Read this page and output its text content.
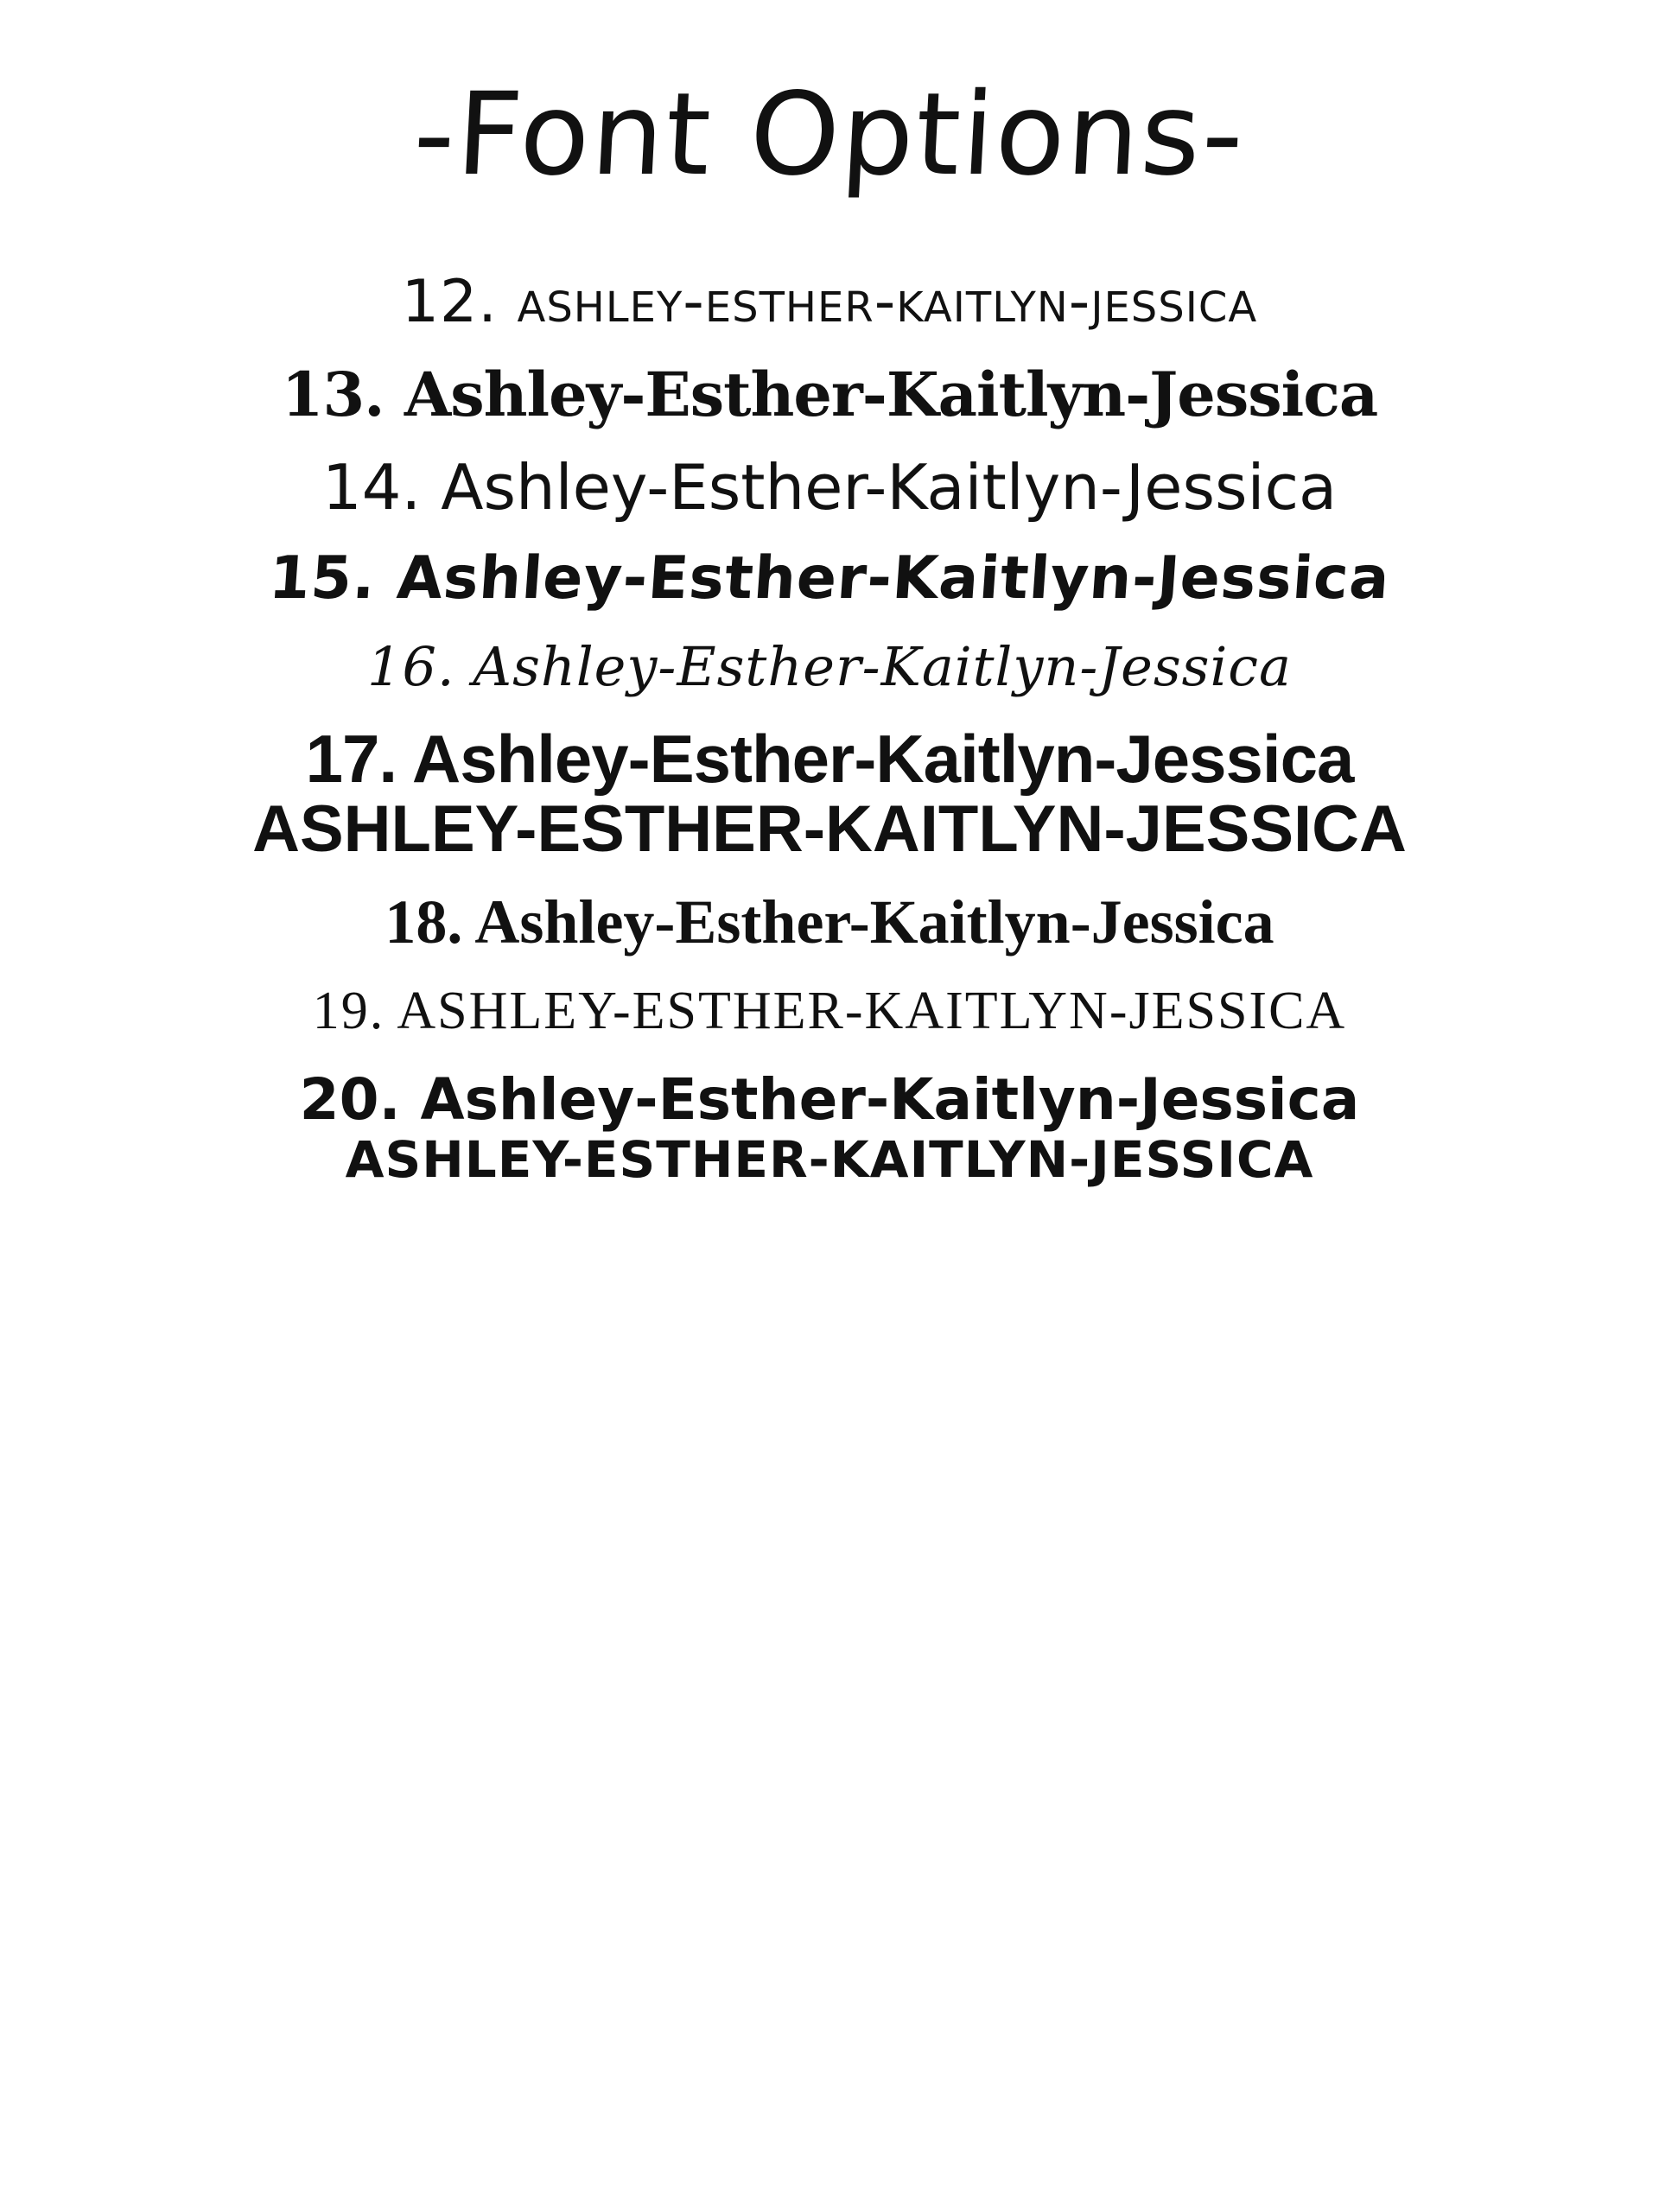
-Font Options-
12. ashley-esther-kaitlyn-jessica
13. Ashley-Esther-Kaitlyn-Jessica
14. Ashley-Esther-Kaitlyn-Jessica
15. Ashley-Esther-Kaitlyn-Jessica
16. Ashley-Esther-Kaitlyn-Jessica
17. Ashley-Esther-Kaitlyn-Jessica
ASHLEY-ESTHER-KAITLYN-JESSICA
18. Ashley-Esther-Kaitlyn-Jessica
19. ASHLEY-ESTHER-KAITLYN-JESSICA
20. Ashley-Esther-Kaitlyn-Jessica
ASHLEY-ESTHER-KAITLYN-JESSICA
